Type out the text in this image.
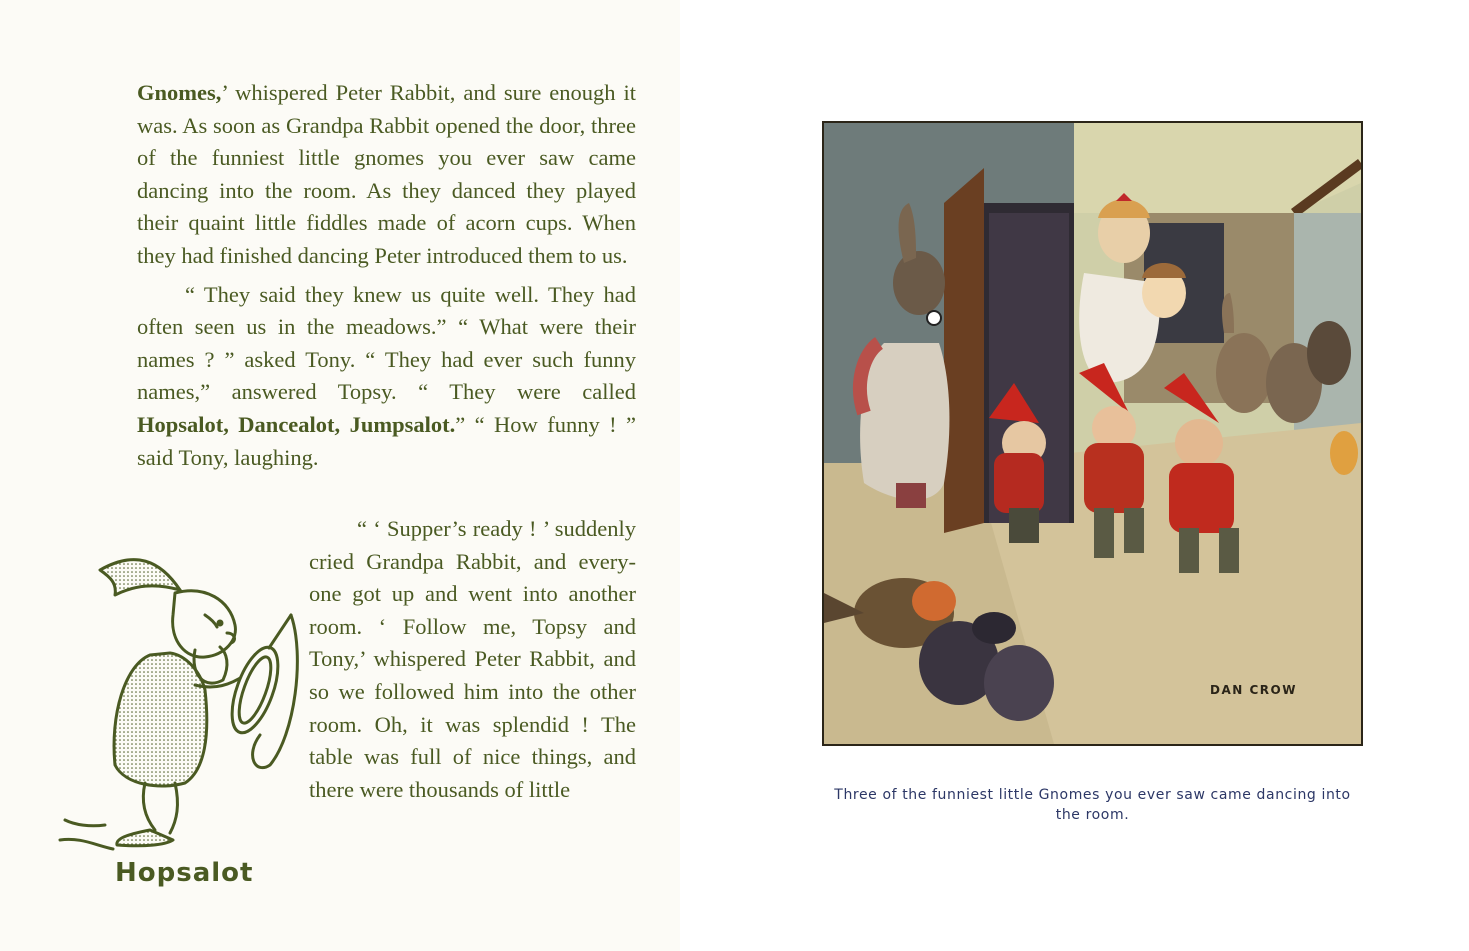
Gnomes,’ whispered Peter Rabbit, and sure enough it was. As soon as Grandpa Rabbit opened the door, three of the funniest little gnomes you ever saw came dancing into the room. As they danced they played their quaint little fiddles made of acorn cups. When they had finished dancing Peter introduced them to us.

“ They said they knew us quite well. They had often seen us in the meadows.” “ What were their names ? ” asked Tony. “ They had ever such funny names,” answered Topsy. “ They were called Hopsalot, Dancealot, Jumpsalot.” “ How funny ! ” said Tony, laughing.

“ ‘ Supper’s ready ! ’ suddenly cried Grandpa Rabbit, and every-one got up and went into another room. ‘ Follow me, Topsy and Tony,’ whispered Peter Rabbit, and so we followed him into the other room. Oh, it was splendid ! The table was full of nice things, and there were thousands of little

Hopsalot
DAN CROW
Three of the funniest little Gnomes you ever saw came dancing into the room.
